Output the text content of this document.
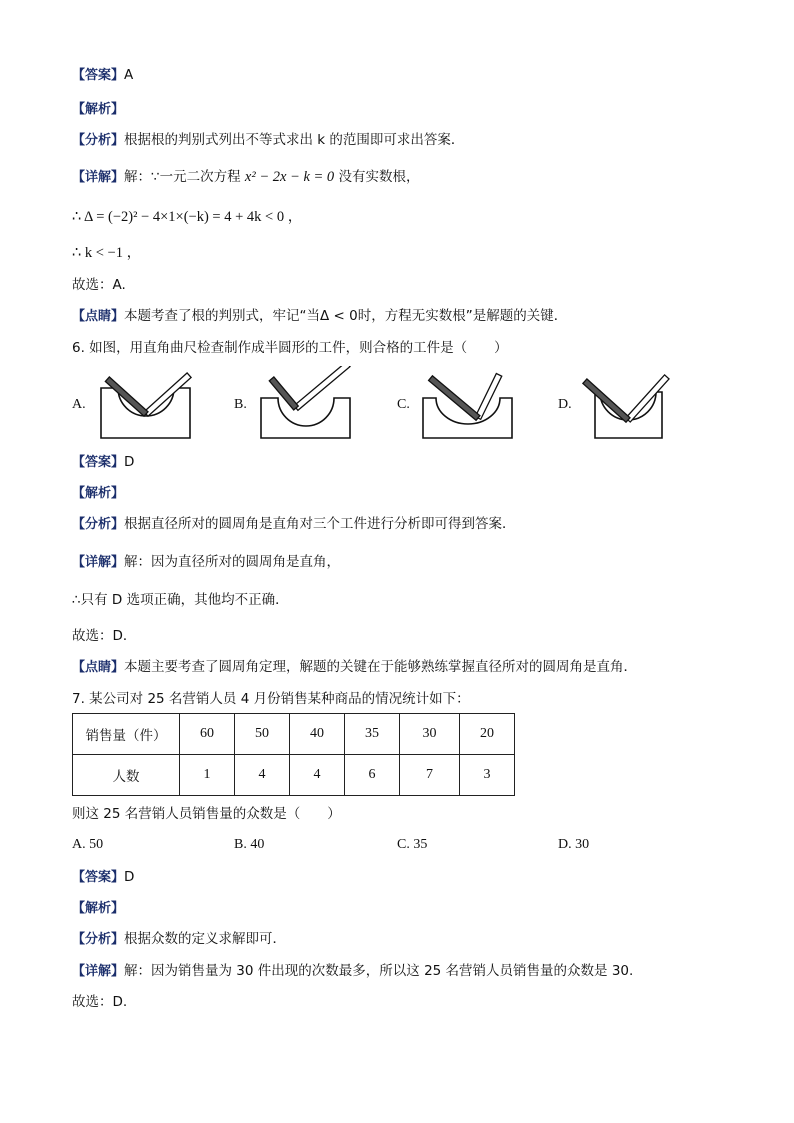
【答案】A
【解析】
【分析】根据根的判别式列出不等式求出 k 的范围即可求出答案．
【详解】解：∵一元二次方程 x² − 2x − k = 0 没有实数根，
∴ Δ = (−2)² − 4×1×(−k) = 4 + 4k < 0 ，
∴ k < −1 ，
故选：A.
【点睛】本题考查了根的判别式，牢记“当Δ < 0时，方程无实数根”是解题的关键．
6. 如图，用直角曲尺检查制作成半圆形的工件，则合格的工件是（　　）
A.	B.	C.	D.
【答案】D
【解析】
【分析】根据直径所对的圆周角是直角对三个工件进行分析即可得到答案．
【详解】解：因为直径所对的圆周角是直角，
∴只有 D 选项正确，其他均不正确．
故选：D．
【点睛】本题主要考查了圆周角定理，解题的关键在于能够熟练掌握直径所对的圆周角是直角．
7. 某公司对 25 名营销人员 4 月份销售某种商品的情况统计如下：
销售量（件）	60	50	40	35	30	20
人数	1	4	4	6	7	3
则这 25 名营销人员销售量的众数是（　　）
A. 50	B. 40	C. 35	D. 30
【答案】D
【解析】
【分析】根据众数的定义求解即可．
【详解】解：因为销售量为 30 件出现的次数最多，所以这 25 名营销人员销售量的众数是 30.
故选：D.
